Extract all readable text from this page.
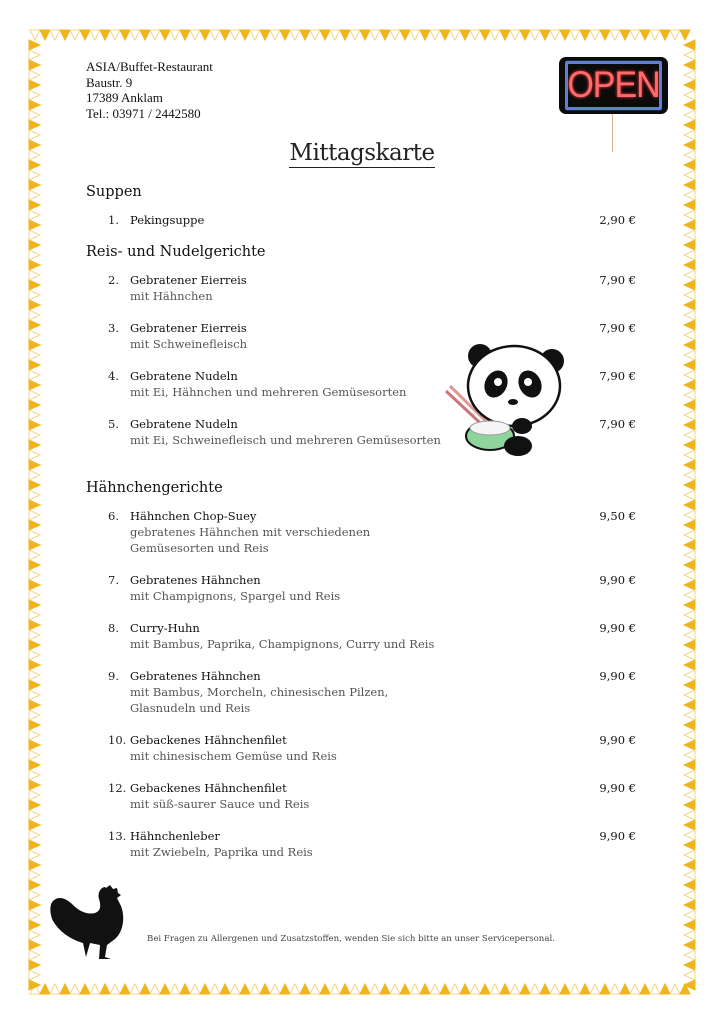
ASIA/Buffet-Restaurant
Baustr. 9
17389 Anklam
Tel.: 03971 / 2442580
OPEN
Mittagskarte
Suppen
1. Pekingsuppe	2,90 €
Reis- und Nudelgerichte
2. Gebratener Eierreis
mit Hähnchen
7,90 €
3. Gebratener Eierreis
mit Schweinefleisch
7,90 €
4. Gebratene Nudeln
mit Ei, Hähnchen und mehreren Gemüsesorten
7,90 €
5. Gebratene Nudeln
mit Ei, Schweinefleisch und mehreren Gemüsesorten
7,90 €
Hähnchengerichte
6. Hähnchen Chop-Suey
gebratenes Hähnchen mit verschiedenen
Gemüsesorten und Reis
9,50 €
7. Gebratenes Hähnchen
mit Champignons, Spargel und Reis
9,90 €
8. Curry-Huhn
mit Bambus, Paprika, Champignons, Curry und Reis
9,90 €
9. Gebratenes Hähnchen
mit Bambus, Morcheln, chinesischen Pilzen,
Glasnudeln und Reis
9,90 €
10. Gebackenes Hähnchenfilet
mit chinesischem Gemüse und Reis
9,90 €
12. Gebackenes Hähnchenfilet
mit süß-saurer Sauce und Reis
9,90 €
13. Hähnchenleber
mit Zwiebeln, Paprika und Reis
9,90 €
Bei Fragen zu Allergenen und Zusatzstoffen, wenden Sie sich bitte an unser Servicepersonal.
